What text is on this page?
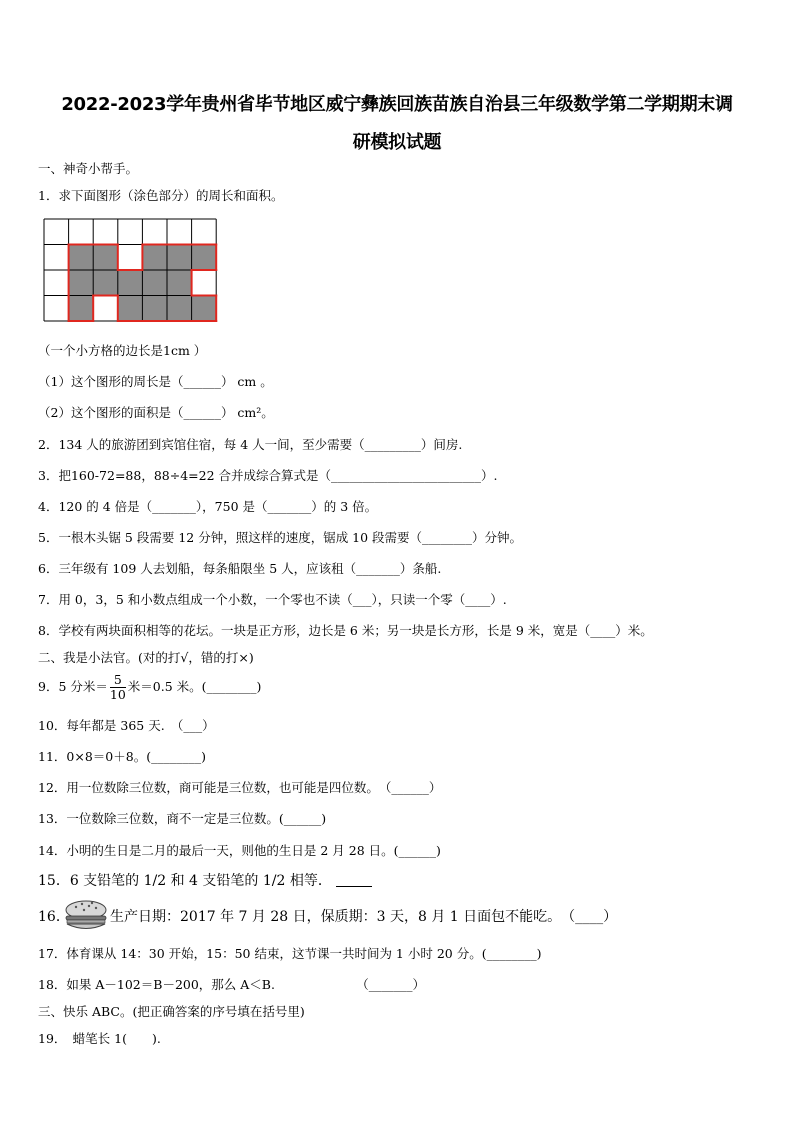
2022-2023学年贵州省毕节地区威宁彝族回族苗族自治县三年级数学第二学期期末调
研模拟试题
一、神奇小帮手。
1．求下面图形（涂色部分）的周长和面积。
（一个小方格的边长是1cm ）
（1）这个图形的周长是（______） cm 。
（2）这个图形的面积是（______） cm²。
2．134 人的旅游团到宾馆住宿，每 4 人一间，至少需要（_________）间房.
3．把160-72=88，88÷4=22 合并成综合算式是（________________________）.
4．120 的 4 倍是（_______），750 是（_______）的 3 倍。
5．一根木头锯 5 段需要 12 分钟，照这样的速度，锯成 10 段需要（________）分钟。
6．三年级有 109 人去划船，每条船限坐 5 人，应该租（_______）条船.
7．用 0，3，5 和小数点组成一个小数，一个零也不读（___），只读一个零（____）.
8．学校有两块面积相等的花坛。一块是正方形，边长是 6 米；另一块是长方形，长是 9 米，宽是（____）米。
二、我是小法官。(对的打√，错的打×)
9．5 分米＝ $\frac{5}{10}$ 米＝0.5 米。(________)
10．每年都是 365 天.　（___）
11．0×8＝0＋8。(________)
12．用一位数除三位数，商可能是三位数，也可能是四位数。　（______）
13．一位数除三位数，商不一定是三位数。(______)
14．小明的生日是二月的最后一天，则他的生日是 2 月 28 日。(______)
15．6 支铅笔的 1/2 和 4 支铅笔的 1/2 相等．
16．	生产日期：2017 年 7 月 28 日，保质期：3 天，8 月 1 日面包不能吃。　（____）
17．体育课从 14：30 开始，15：50 结束，这节课一共时间为 1 小时 20 分。(________)
18．如果 A－102＝B－200，那么 A＜B.　　　　　　　（_______）
三、快乐 ABC。(把正确答案的序号填在括号里)
19．　蜡笔长 1(　　).
